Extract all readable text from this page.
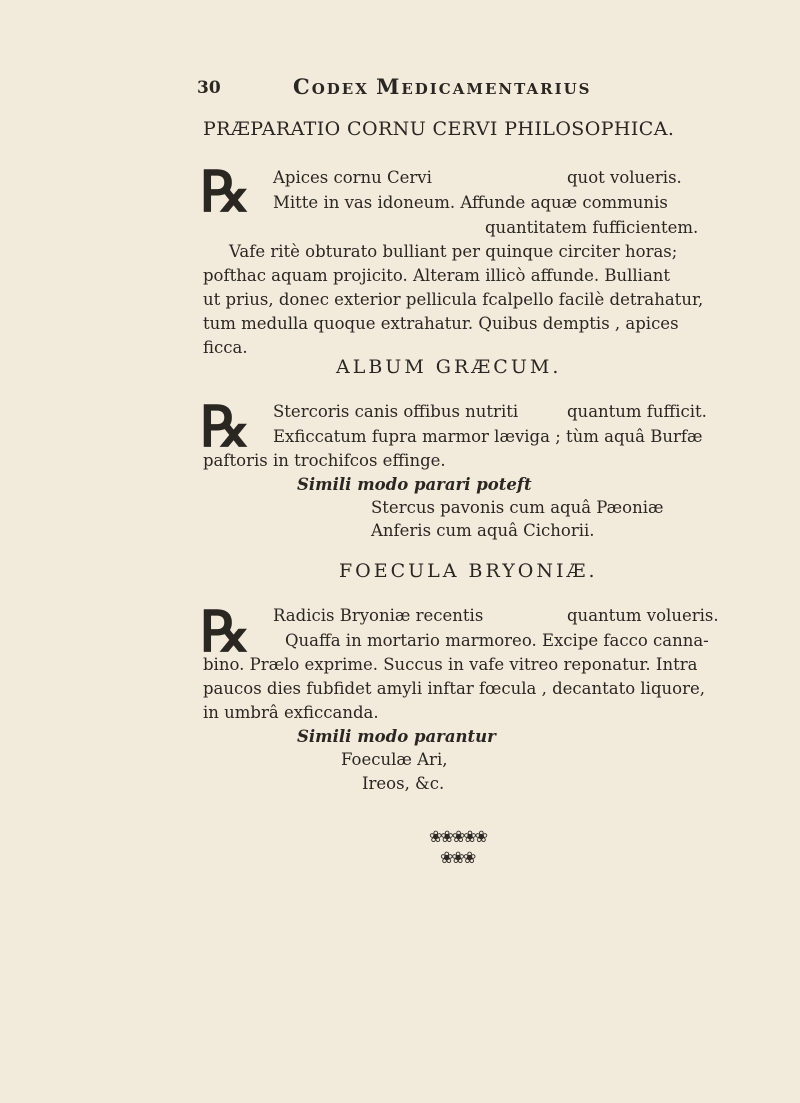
30	CODEX MEDICAMENTARIUS
PRÆPARATIO CORNU CERVI PHILOSOPHICA.
℞ Apices cornu Cervi	quot volueris.
Mitte in vas idoneum. Affunde aquæ communis
quantitatem fufficientem.
Vafe ritè obturato bulliant per quinque circiter horas;
pofthac aquam projicito. Alteram illicò affunde. Bulliant
ut prius, donec exterior pellicula fcalpello facilè detrahatur,
tum medulla quoque extrahatur. Quibus demptis , apices
ficca.
ALBUM GRÆCUM.
℞ Stercoris canis offibus nutriti	quantum fufficit.
Exficcatum fupra marmor læviga ; tùm aquâ Burfæ
paftoris in trochifcos effinge.
Simili modo parari poteft
Stercus pavonis cum aquâ Pæoniæ
Anferis cum aquâ Cichorii.
FOECULA BRYONIÆ.
℞ Radicis Bryoniæ recentis	quantum volueris.
Quaffa in mortario marmoreo. Excipe facco canna-
bino. Prælo exprime. Succus in vafe vitreo reponatur. Intra
paucos dies fubfidet amyli inftar fœcula , decantato liquore,
in umbrâ exficcanda.
Simili modo parantur
Foeculæ Ari,
Ireos, &c.
❀❀❀❀❀
❀❀❀
